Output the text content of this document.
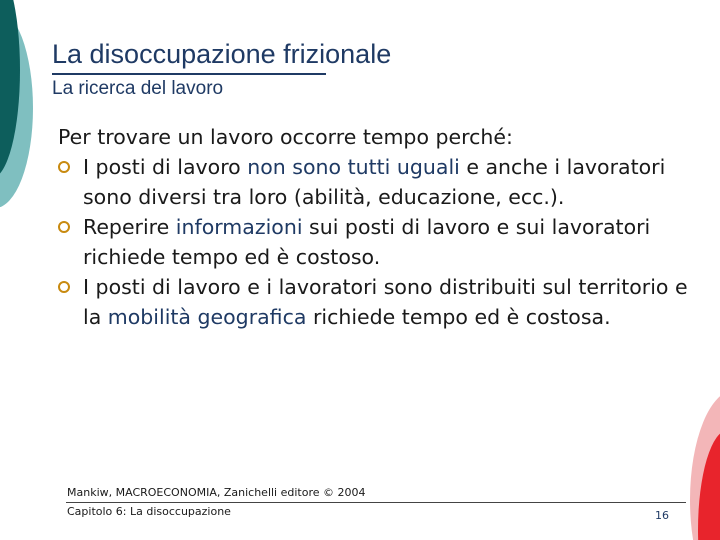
La disoccupazione frizionale
La ricerca del lavoro
Per trovare un lavoro occorre tempo perché:
I posti di lavoro non sono tutti uguali e anche i lavoratori sono diversi tra loro (abilità, educazione, ecc.).
Reperire informazioni sui posti di lavoro e sui lavoratori richiede tempo ed è costoso.
I posti di lavoro e i lavoratori sono distribuiti sul territorio e la mobilità geografica richiede tempo ed è costosa.
Mankiw, MACROECONOMIA, Zanichelli editore © 2004
Capitolo 6: La disoccupazione	16
